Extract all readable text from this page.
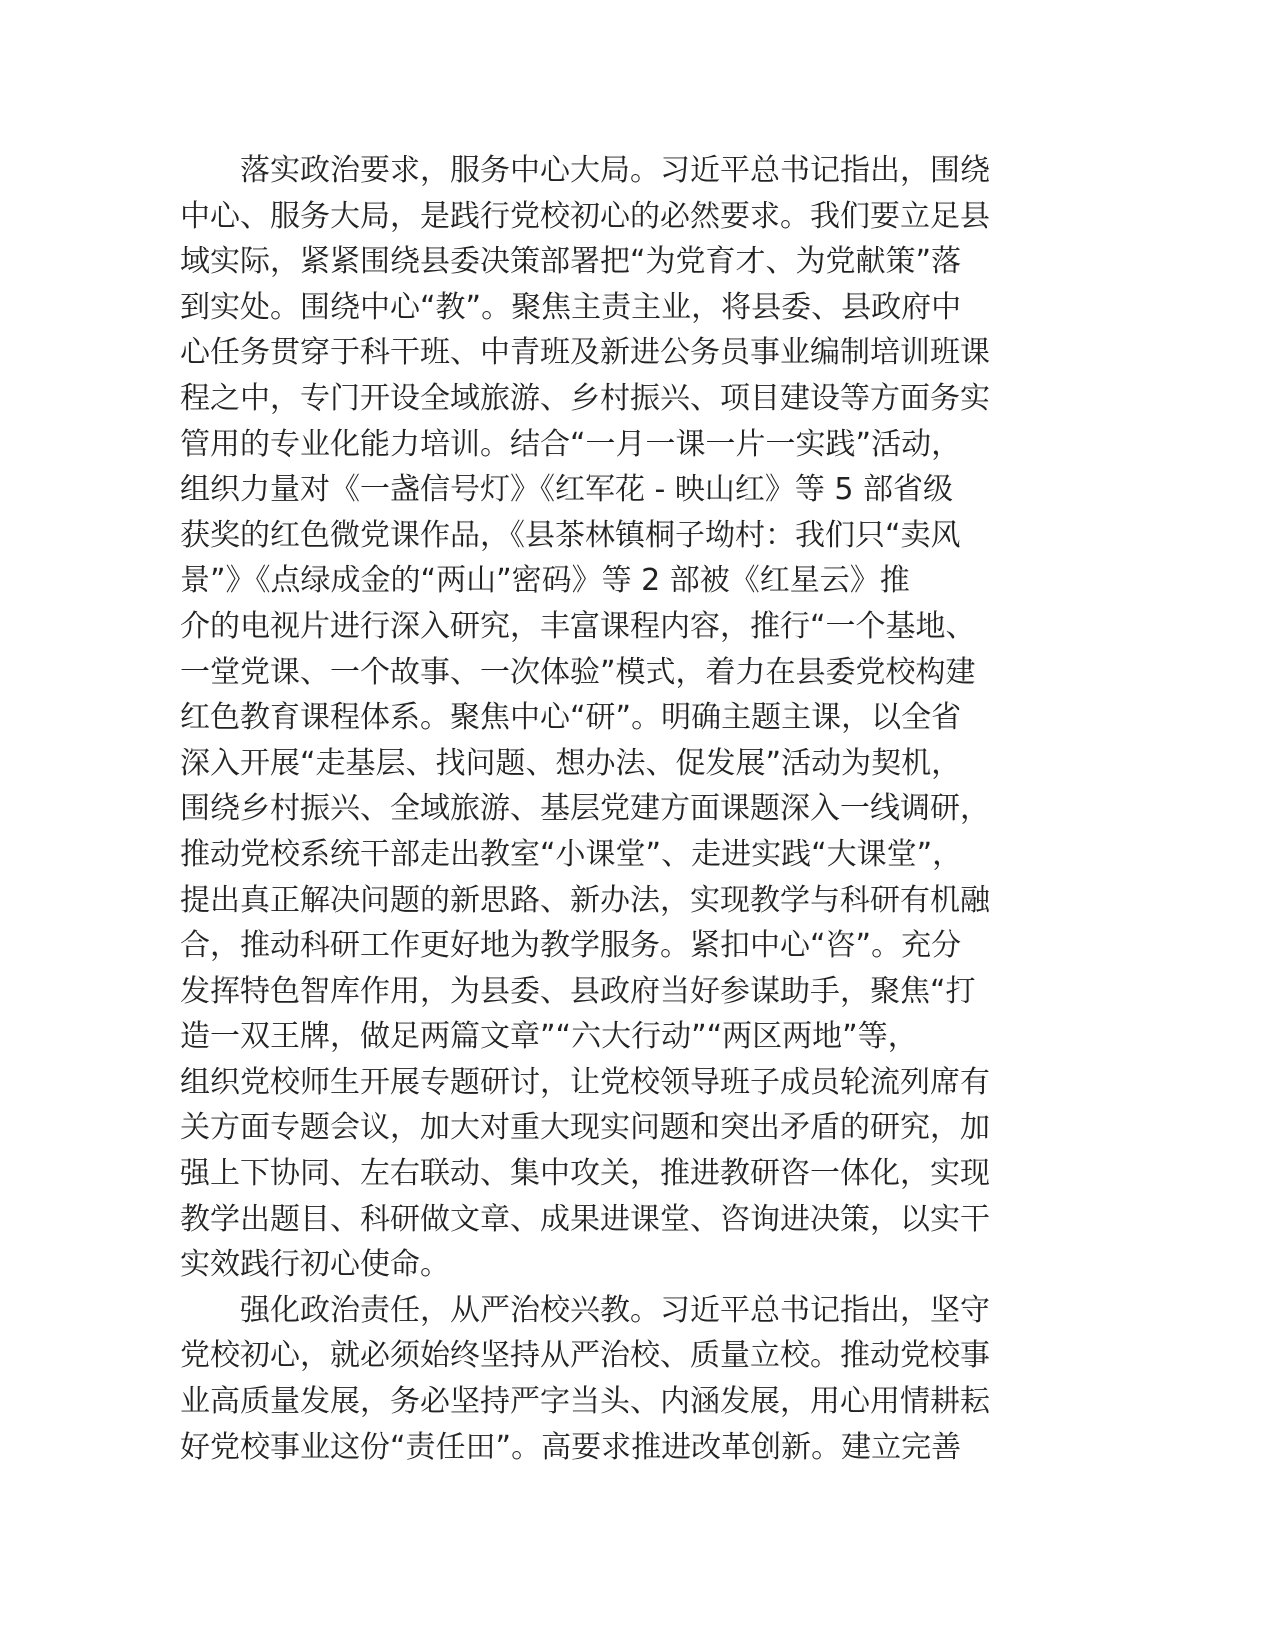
　　落实政治要求，服务中心大局。习近平总书记指出，围绕
中心、服务大局，是践行党校初心的必然要求。我们要立足县
域实际，紧紧围绕县委决策部署把“为党育才、为党献策”落
到实处。围绕中心“教”。聚焦主责主业，将县委、县政府中
心任务贯穿于科干班、中青班及新进公务员事业编制培训班课
程之中，专门开设全域旅游、乡村振兴、项目建设等方面务实
管用的专业化能力培训。结合“一月一课一片一实践”活动，
组织力量对《一盏信号灯》《红军花 - 映山红》等 5 部省级
获奖的红色微党课作品，《县茶林镇桐子坳村：我们只“卖风
景”》《点绿成金的“两山”密码》等 2 部被《红星云》推
介的电视片进行深入研究，丰富课程内容，推行“一个基地、
一堂党课、一个故事、一次体验”模式，着力在县委党校构建
红色教育课程体系。聚焦中心“研”。明确主题主课，以全省
深入开展“走基层、找问题、想办法、促发展”活动为契机，
围绕乡村振兴、全域旅游、基层党建方面课题深入一线调研，
推动党校系统干部走出教室“小课堂”、走进实践“大课堂”，
提出真正解决问题的新思路、新办法，实现教学与科研有机融
合，推动科研工作更好地为教学服务。紧扣中心“咨”。充分
发挥特色智库作用，为县委、县政府当好参谋助手，聚焦“打
造一双王牌，做足两篇文章”“六大行动”“两区两地”等，
组织党校师生开展专题研讨，让党校领导班子成员轮流列席有
关方面专题会议，加大对重大现实问题和突出矛盾的研究，加
强上下协同、左右联动、集中攻关，推进教研咨一体化，实现
教学出题目、科研做文章、成果进课堂、咨询进决策，以实干
实效践行初心使命。
　　强化政治责任，从严治校兴教。习近平总书记指出，坚守
党校初心，就必须始终坚持从严治校、质量立校。推动党校事
业高质量发展，务必坚持严字当头、内涵发展，用心用情耕耘
好党校事业这份“责任田”。高要求推进改革创新。建立完善
